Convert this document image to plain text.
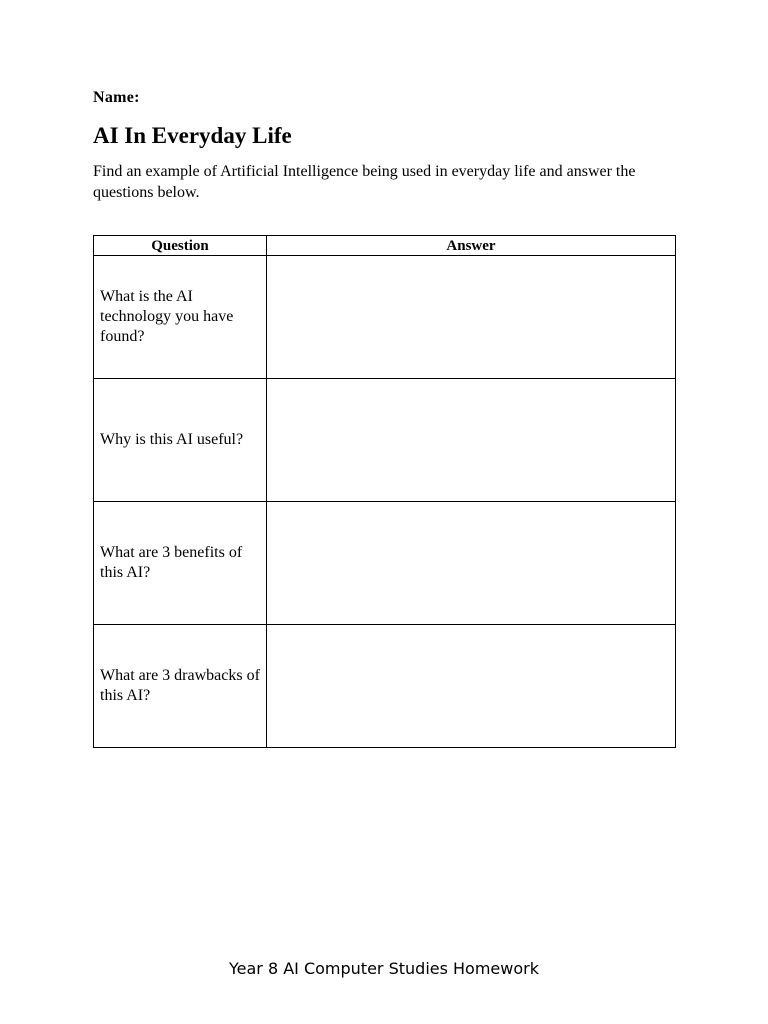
Name:
AI In Everyday Life

Find an example of Artificial Intelligence being used in everyday life and answer the questions below.

Question	Answer
What is the AI technology you have found?	
Why is this AI useful?	
What are 3 benefits of this AI?	
What are 3 drawbacks of this AI?	
Year 8 AI Computer Studies Homework
